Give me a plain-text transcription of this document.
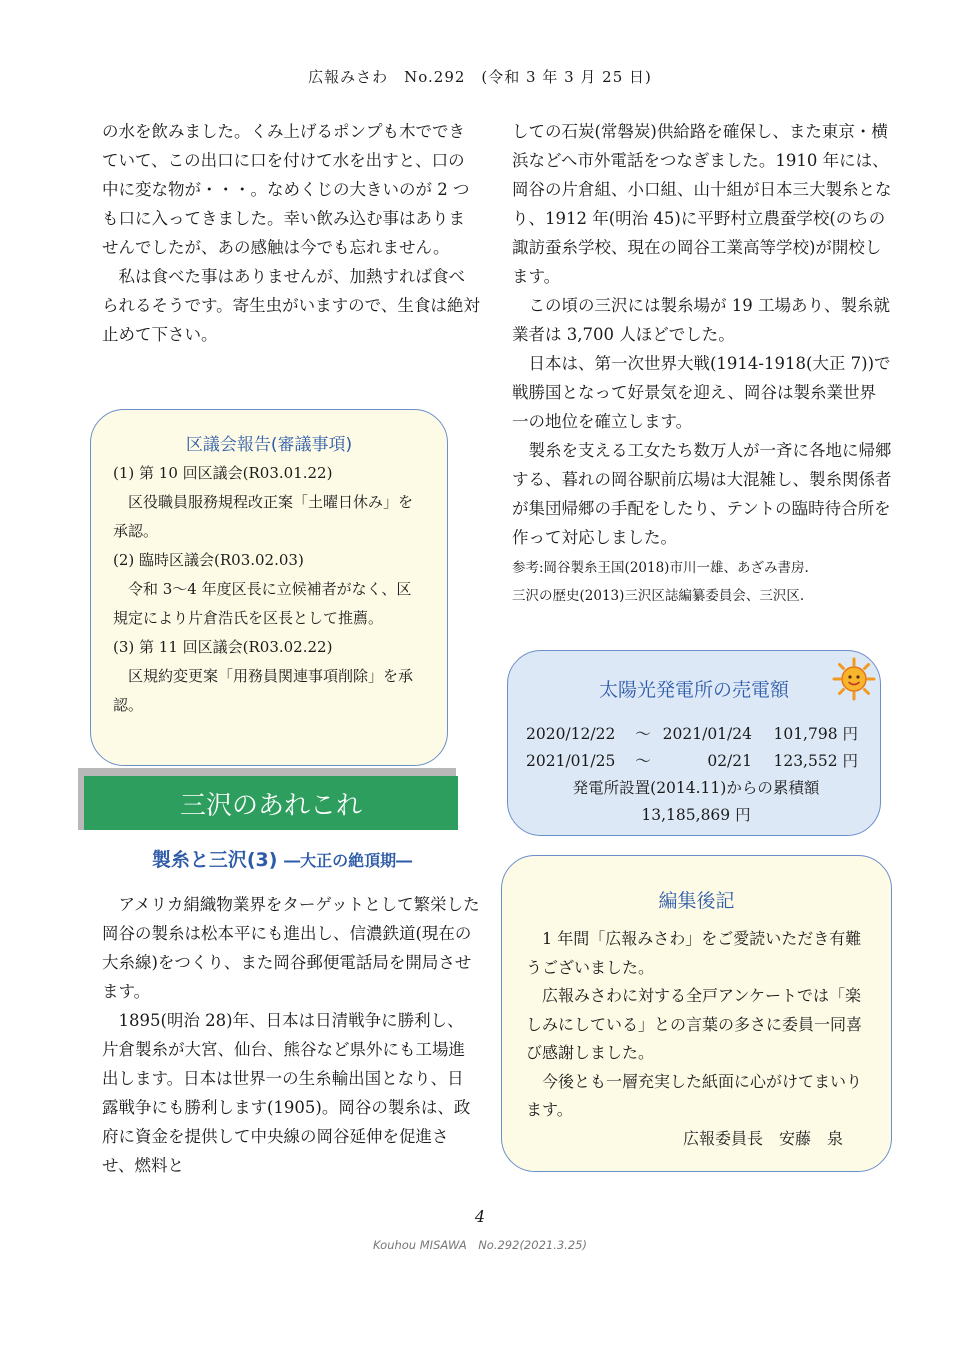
広報みさわ　No.292　(令和 3 年 3 月 25 日)

の水を飲みました。くみ上げるポンプも木でできていて、この出口に口を付けて水を出すと、口の中に変な物が・・・。なめくじの大きいのが 2 つも口に入ってきました。幸い飲み込む事はありませんでしたが、あの感触は今でも忘れません。

私は食べた事はありませんが、加熱すれば食べられるそうです。寄生虫がいますので、生食は絶対止めて下さい。

区議会報告(審議事項)

(1) 第 10 回区議会(R03.01.22)

区役職員服務規程改正案「土曜日休み」を承認。

(2) 臨時区議会(R03.02.03)

令和 3～4 年度区長に立候補者がなく、区規定により片倉浩氏を区長として推薦。

(3) 第 11 回区議会(R03.02.22)

区規約変更案「用務員関連事項削除」を承認。

三沢のあれこれ
製糸と三沢(3) ―大正の絶頂期―

アメリカ絹織物業界をターゲットとして繁栄した岡谷の製糸は松本平にも進出し、信濃鉄道(現在の大糸線)をつくり、また岡谷郵便電話局を開局させます。

1895(明治 28)年、日本は日清戦争に勝利し、片倉製糸が大宮、仙台、熊谷など県外にも工場進出します。日本は世界一の生糸輸出国となり、日露戦争にも勝利します(1905)。岡谷の製糸は、政府に資金を提供して中央線の岡谷延伸を促進させ、燃料と

しての石炭(常磐炭)供給路を確保し、また東京・横浜などへ市外電話をつなぎました。1910 年には、岡谷の片倉組、小口組、山十組が日本三大製糸となり、1912 年(明治 45)に平野村立農蚕学校(のちの諏訪蚕糸学校、現在の岡谷工業高等学校)が開校します。

この頃の三沢には製糸場が 19 工場あり、製糸就業者は 3,700 人ほどでした。

日本は、第一次世界大戦(1914-1918(大正 7))で戦勝国となって好景気を迎え、岡谷は製糸業世界一の地位を確立します。

製糸を支える工女たち数万人が一斉に各地に帰郷する、暮れの岡谷駅前広場は大混雑し、製糸関係者が集団帰郷の手配をしたり、テントの臨時待合所を作って対応しました。

参考:岡谷製糸王国(2018)市川一雄、あざみ書房.

三沢の歴史(2013)三沢区誌編纂委員会、三沢区.

太陽光発電所の売電額
2020/12/22	～ 2021/01/24	101,798 円
2021/01/25	～	02/21	123,552 円
発電所設置(2014.11)からの累積額
13,185,869 円
編集後記

1 年間「広報みさわ」をご愛読いただき有難うございました。

広報みさわに対する全戸アンケートでは「楽しみにしている」との言葉の多さに委員一同喜び感謝しました。

今後とも一層充実した紙面に心がけてまいります。

広報委員長　安藤　泉

4
Kouhou MISAWA　No.292(2021.3.25)
